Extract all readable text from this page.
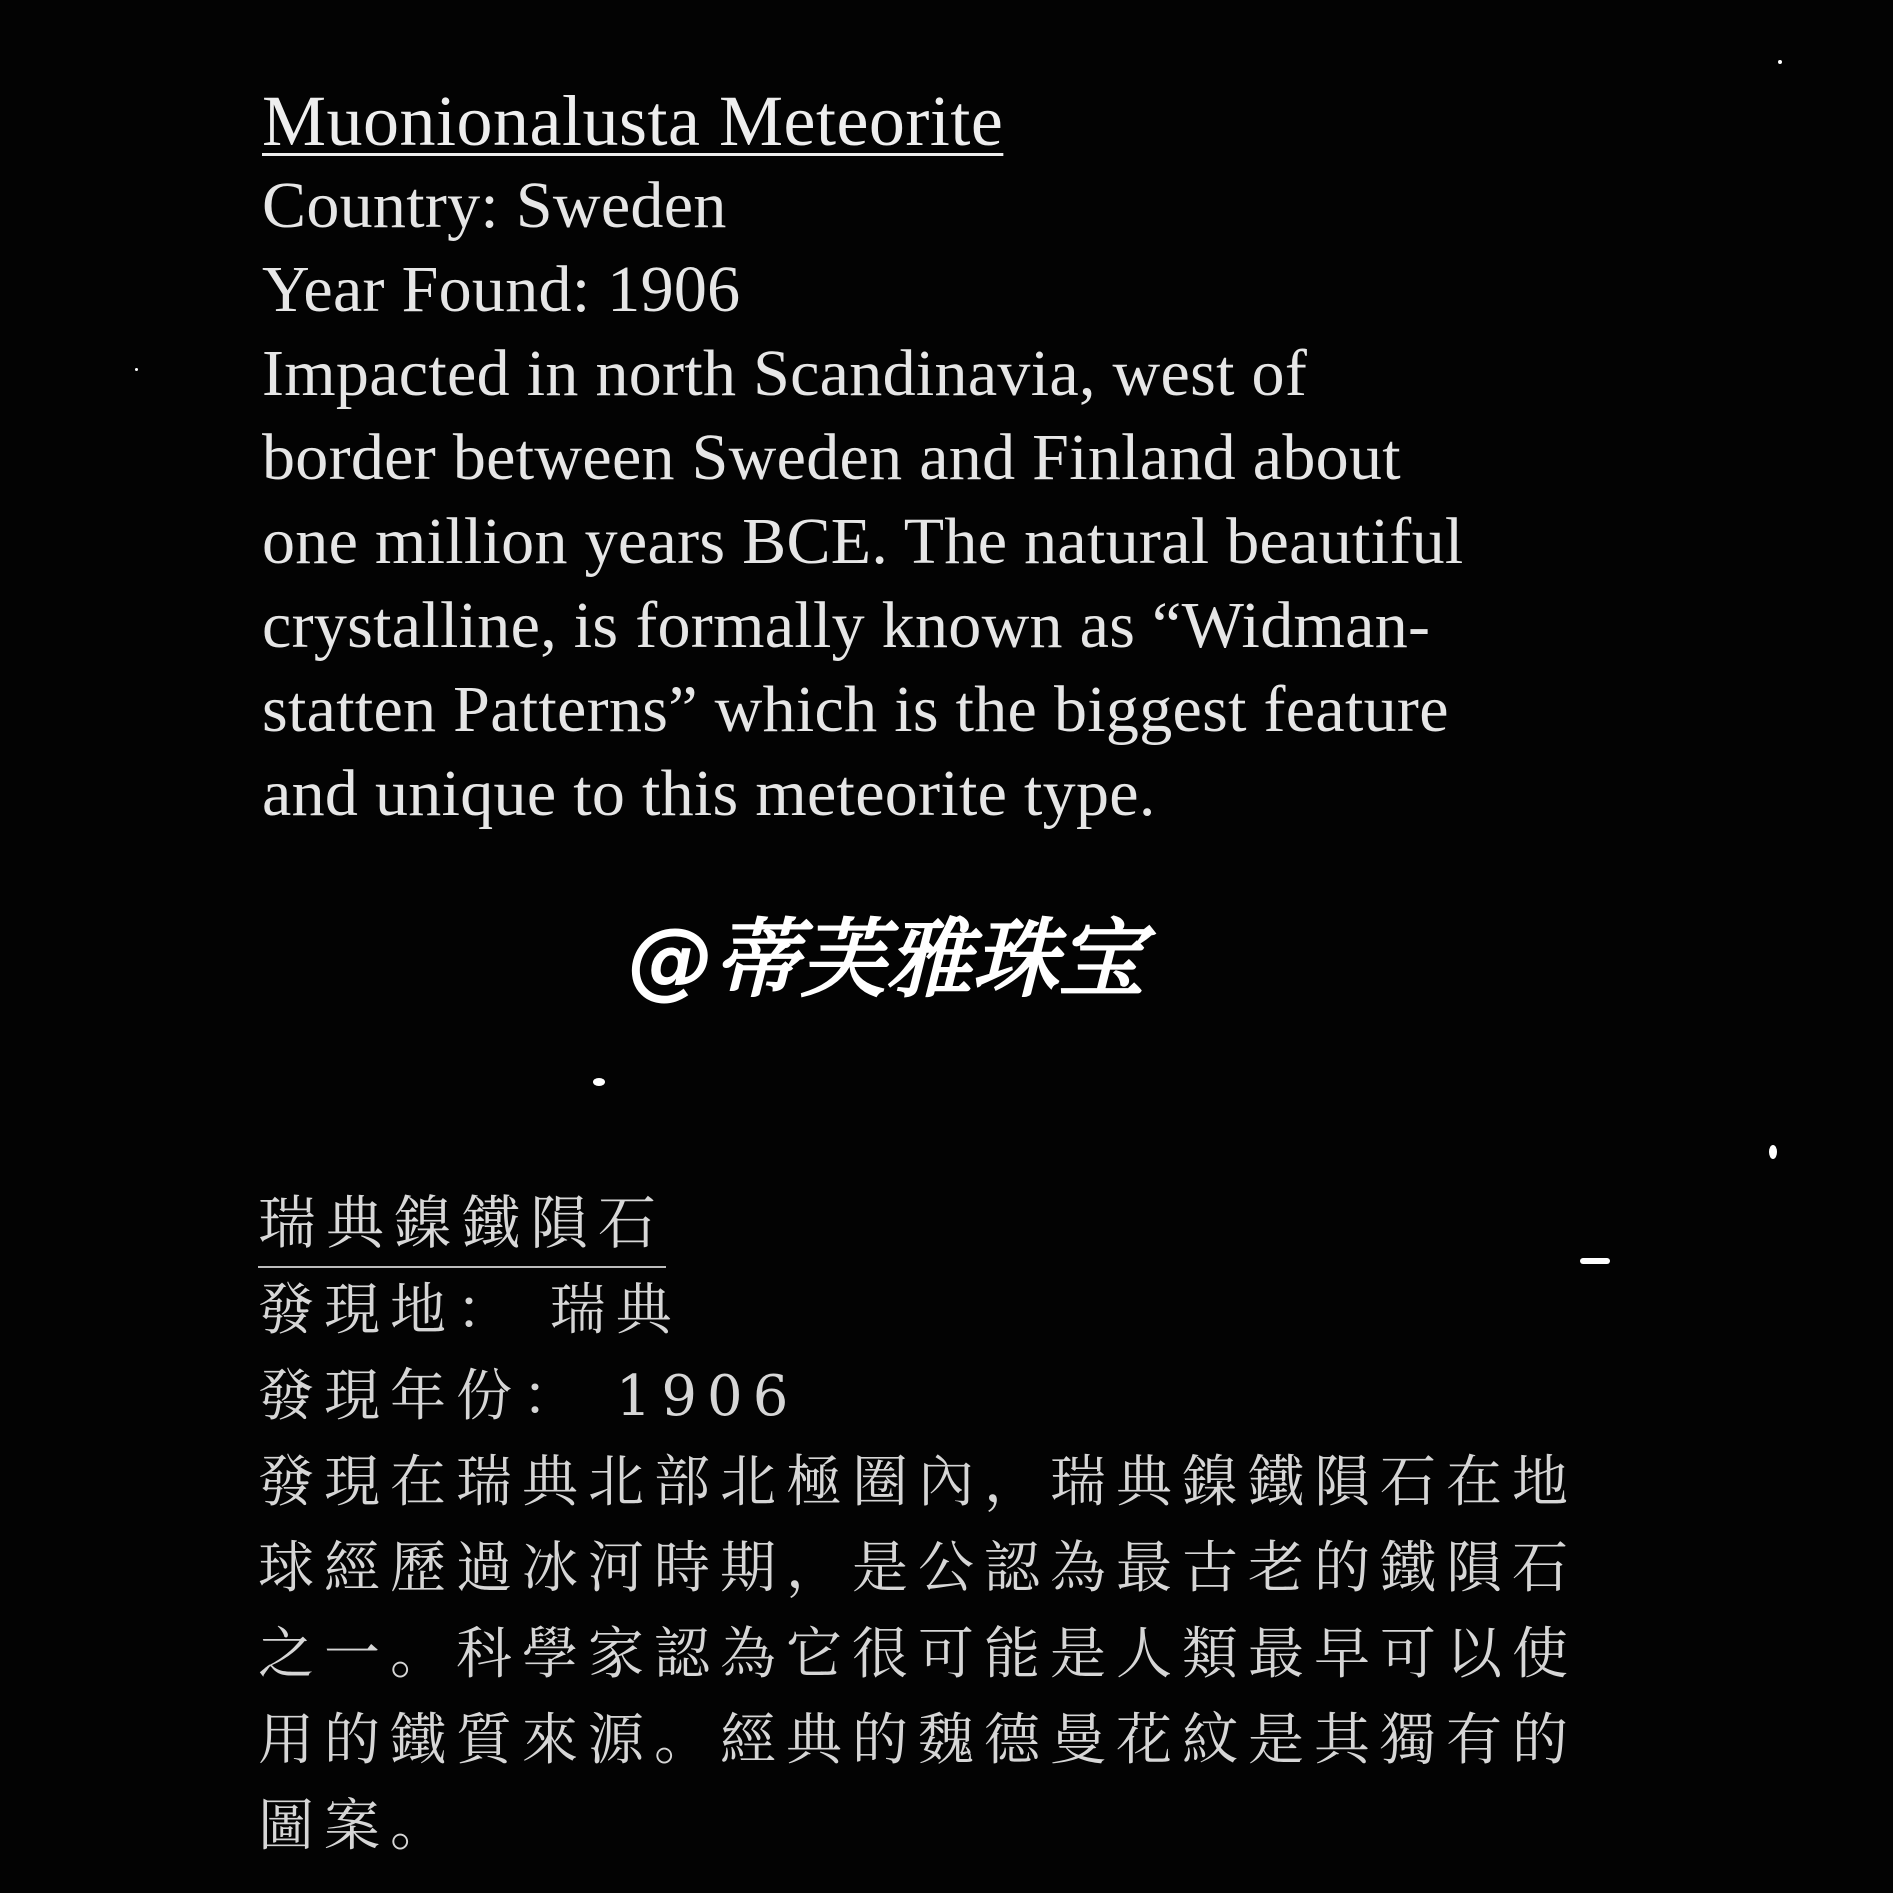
Muonionalusta Meteorite
Country: Sweden
Year Found: 1906
Impacted in north Scandinavia, west of
border between Sweden and Finland about
one million years BCE. The natural beautiful
crystalline, is formally known as “Widman-
statten Patterns” which is the biggest feature
and unique to this meteorite type.
@蒂芙雅珠宝
瑞典鎳鐵隕石
發現地： 瑞典
發現年份： 1906
發現在瑞典北部北極圈內，瑞典鎳鐵隕石在地
球經歷過冰河時期，是公認為最古老的鐵隕石
之一。科學家認為它很可能是人類最早可以使
用的鐵質來源。經典的魏德曼花紋是其獨有的
圖案。
